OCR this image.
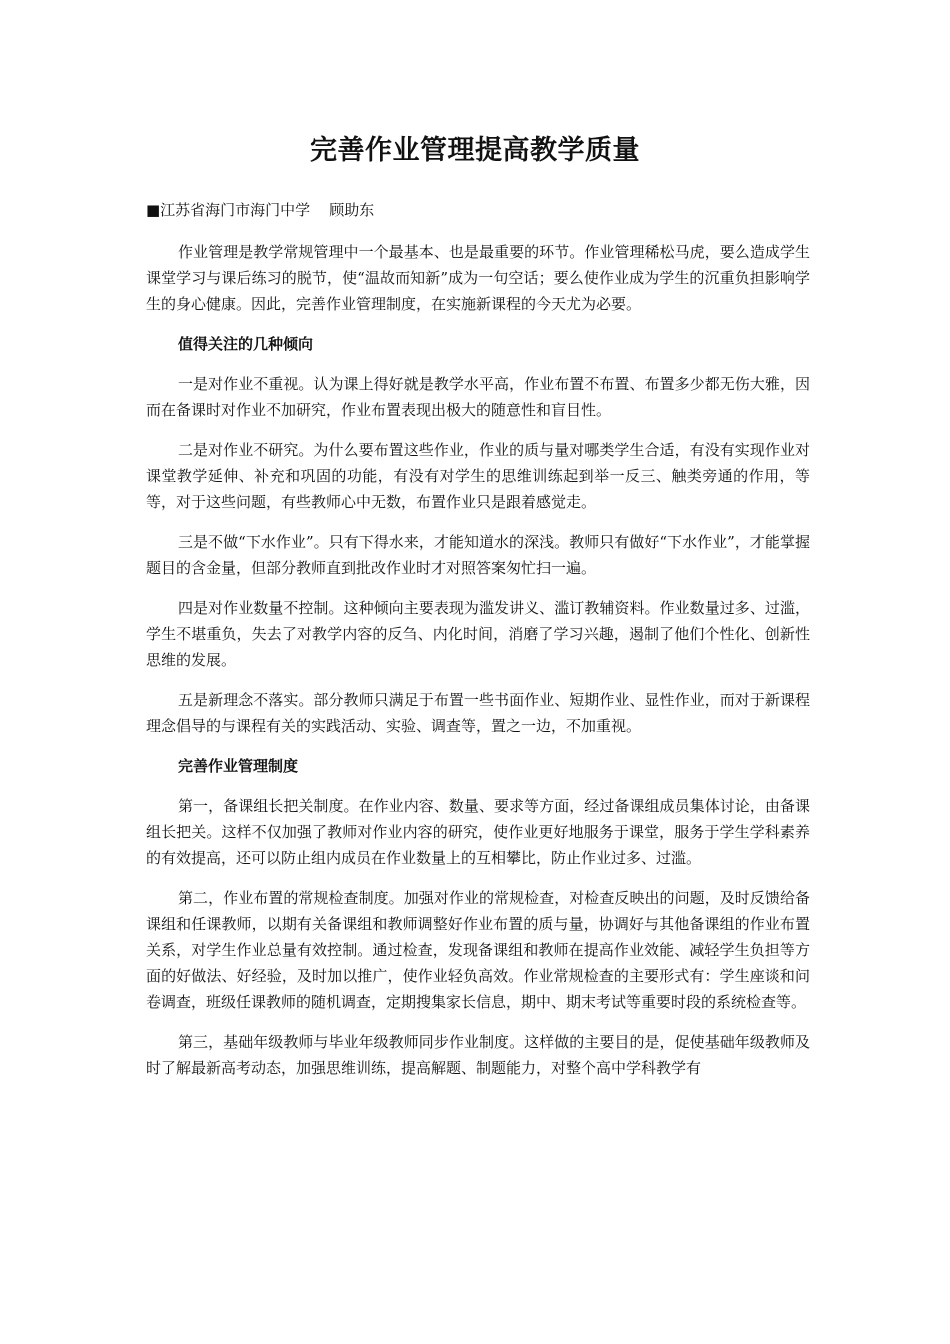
完善作业管理提高教学质量
■江苏省海门市海门中学    顾助东

作业管理是教学常规管理中一个最基本、也是最重要的环节。作业管理稀松马虎，要么造成学生课堂学习与课后练习的脱节，使“温故而知新”成为一句空话；要么使作业成为学生的沉重负担影响学生的身心健康。因此，完善作业管理制度，在实施新课程的今天尤为必要。

值得关注的几种倾向

一是对作业不重视。认为课上得好就是教学水平高，作业布置不布置、布置多少都无伤大雅，因而在备课时对作业不加研究，作业布置表现出极大的随意性和盲目性。

二是对作业不研究。为什么要布置这些作业，作业的质与量对哪类学生合适，有没有实现作业对课堂教学延伸、补充和巩固的功能，有没有对学生的思维训练起到举一反三、触类旁通的作用，等等，对于这些问题，有些教师心中无数，布置作业只是跟着感觉走。

三是不做“下水作业”。只有下得水来，才能知道水的深浅。教师只有做好“下水作业”，才能掌握题目的含金量，但部分教师直到批改作业时才对照答案匆忙扫一遍。

四是对作业数量不控制。这种倾向主要表现为滥发讲义、滥订教辅资料。作业数量过多、过滥，学生不堪重负，失去了对教学内容的反刍、内化时间，消磨了学习兴趣，遏制了他们个性化、创新性思维的发展。

五是新理念不落实。部分教师只满足于布置一些书面作业、短期作业、显性作业，而对于新课程理念倡导的与课程有关的实践活动、实验、调查等，置之一边，不加重视。

完善作业管理制度

第一，备课组长把关制度。在作业内容、数量、要求等方面，经过备课组成员集体讨论，由备课组长把关。这样不仅加强了教师对作业内容的研究，使作业更好地服务于课堂，服务于学生学科素养的有效提高，还可以防止组内成员在作业数量上的互相攀比，防止作业过多、过滥。

第二，作业布置的常规检查制度。加强对作业的常规检查，对检查反映出的问题，及时反馈给备课组和任课教师，以期有关备课组和教师调整好作业布置的质与量，协调好与其他备课组的作业布置关系，对学生作业总量有效控制。通过检查，发现备课组和教师在提高作业效能、减轻学生负担等方面的好做法、好经验，及时加以推广，使作业轻负高效。作业常规检查的主要形式有：学生座谈和问卷调查，班级任课教师的随机调查，定期搜集家长信息，期中、期末考试等重要时段的系统检查等。

第三，基础年级教师与毕业年级教师同步作业制度。这样做的主要目的是，促使基础年级教师及时了解最新高考动态，加强思维训练，提高解题、制题能力，对整个高中学科教学有
